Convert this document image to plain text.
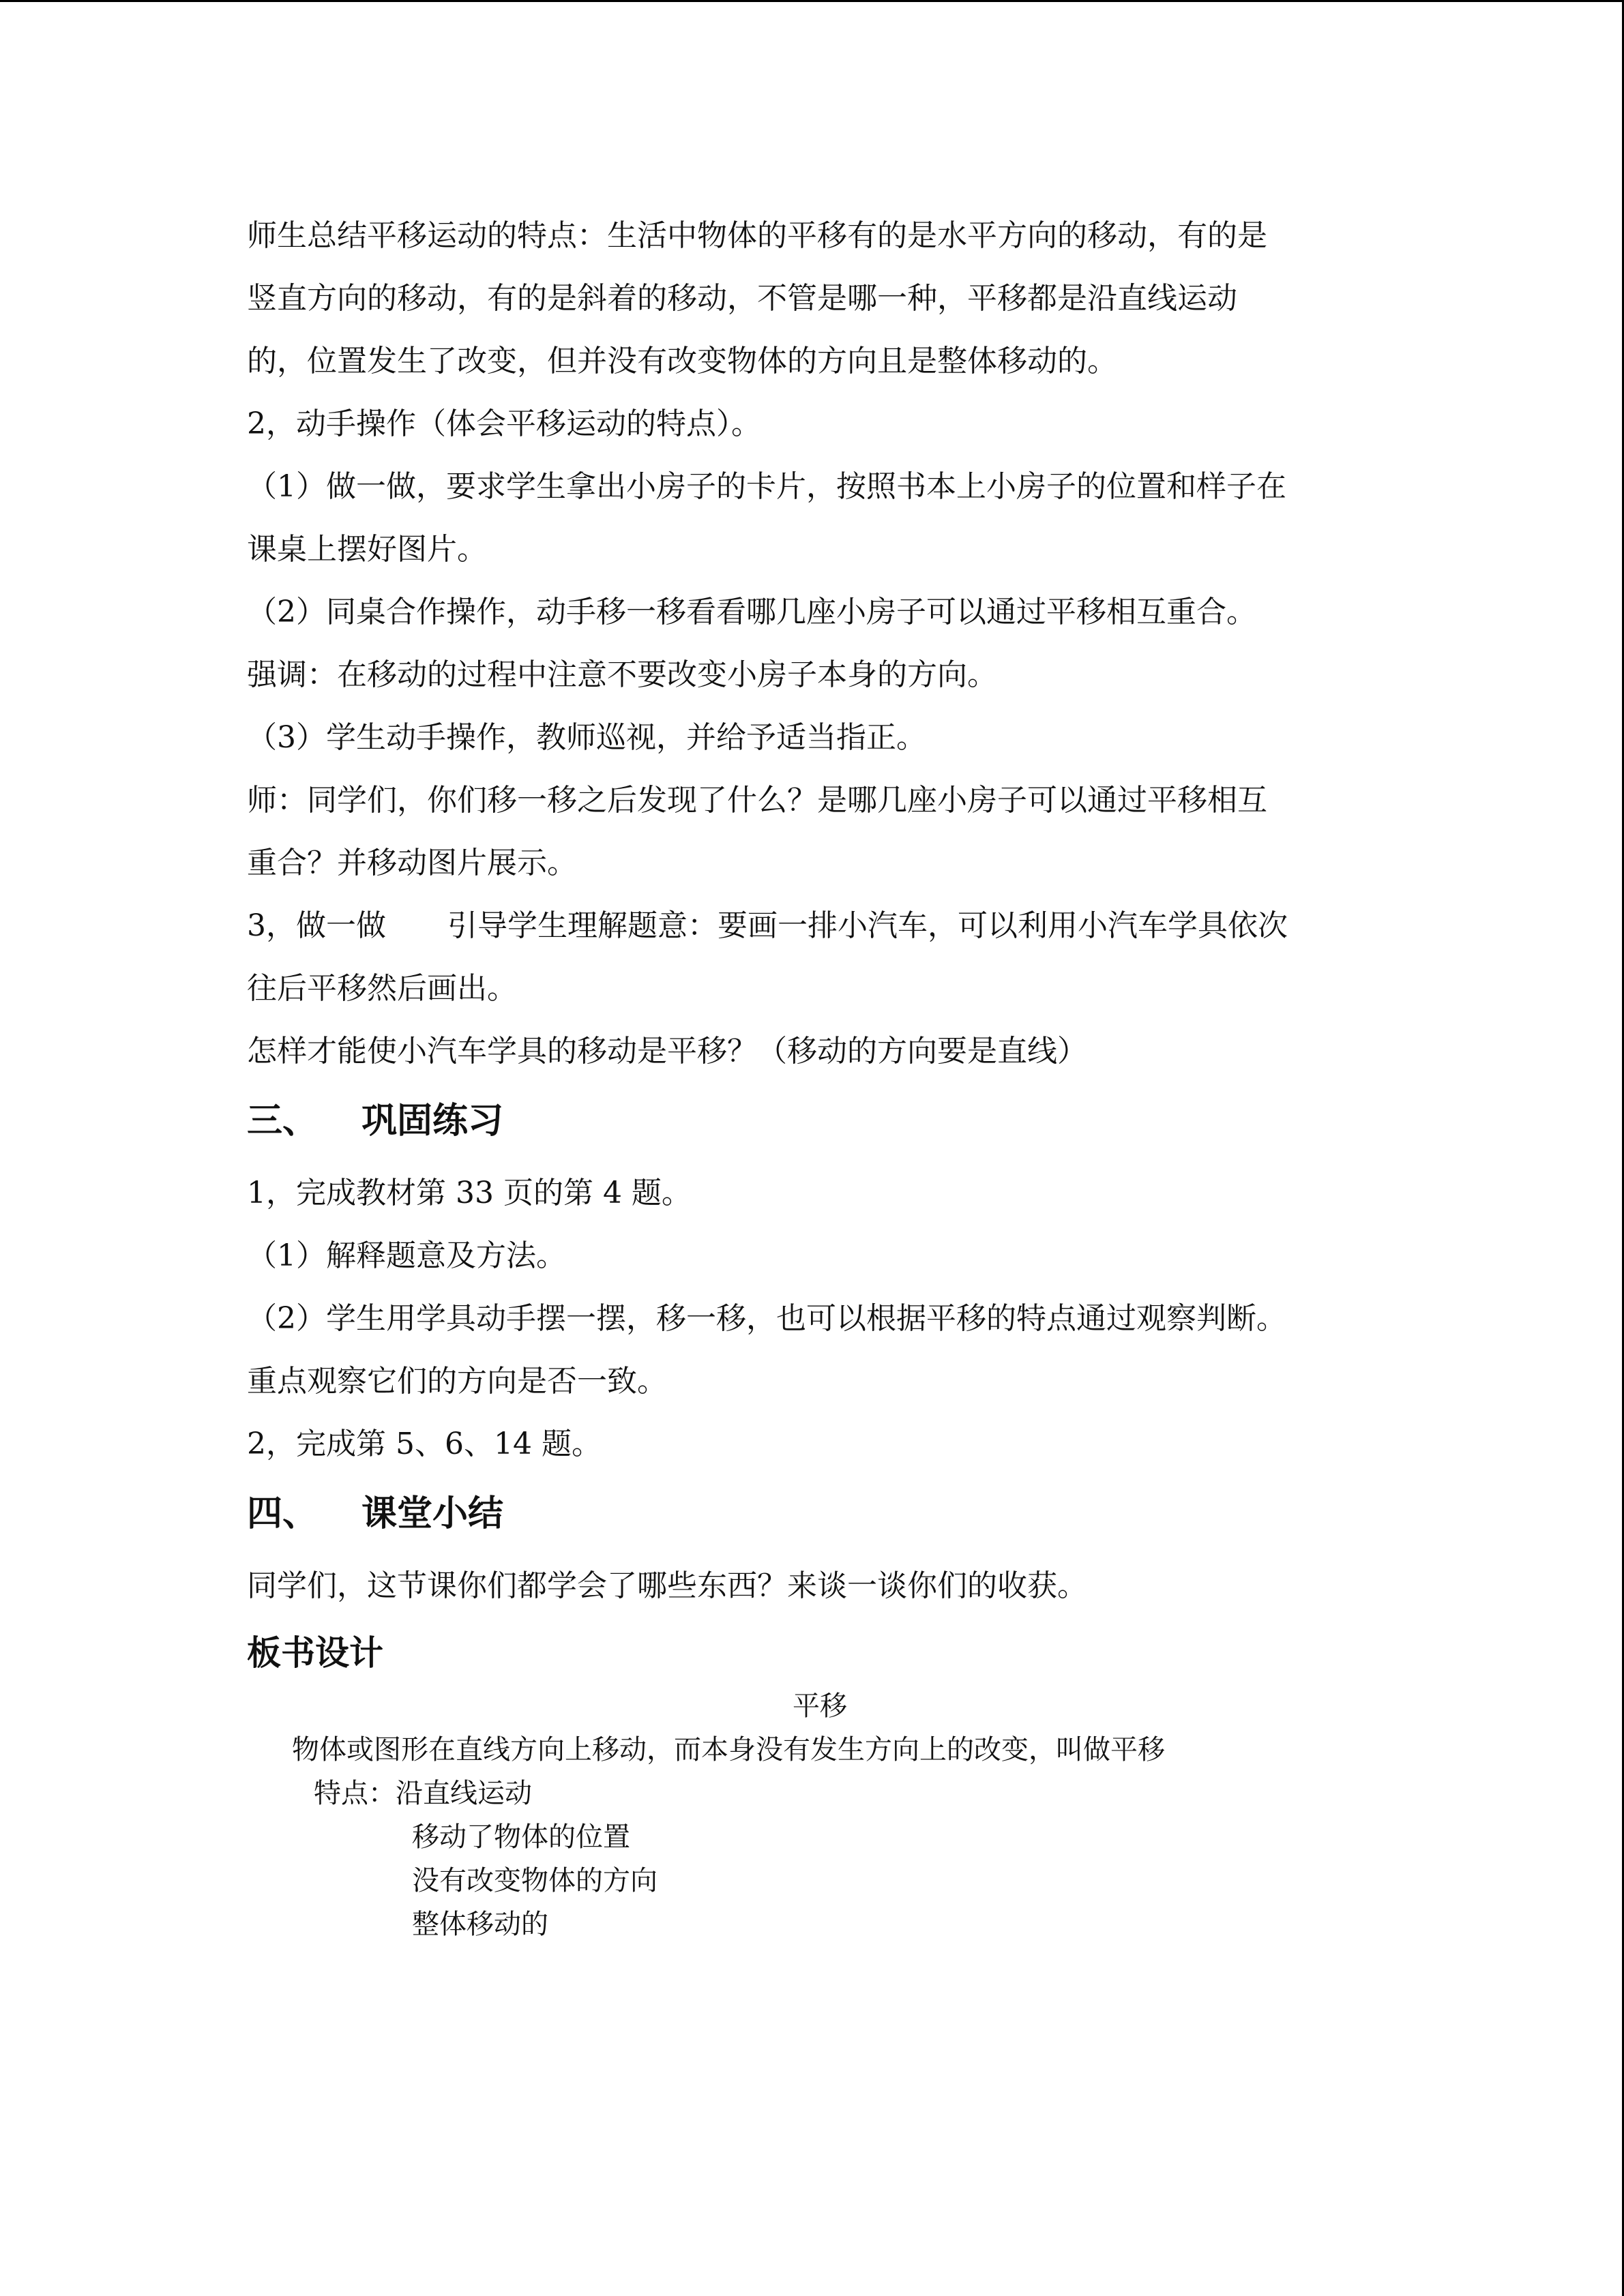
师生总结平移运动的特点：生活中物体的平移有的是水平方向的移动，有的是

竖直方向的移动，有的是斜着的移动，不管是哪一种，平移都是沿直线运动

的，位置发生了改变，但并没有改变物体的方向且是整体移动的。

2，动手操作（体会平移运动的特点）。

（1）做一做，要求学生拿出小房子的卡片，按照书本上小房子的位置和样子在

课桌上摆好图片。

（2）同桌合作操作，动手移一移看看哪几座小房子可以通过平移相互重合。

强调：在移动的过程中注意不要改变小房子本身的方向。

（3）学生动手操作，教师巡视，并给予适当指正。

师：同学们，你们移一移之后发现了什么？是哪几座小房子可以通过平移相互

重合？并移动图片展示。

3，做一做 引导学生理解题意：要画一排小汽车，可以利用小汽车学具依次

往后平移然后画出。

怎样才能使小汽车学具的移动是平移？（移动的方向要是直线）

三、 巩固练习

1，完成教材第 33 页的第 4 题。

（1）解释题意及方法。

（2）学生用学具动手摆一摆，移一移，也可以根据平移的特点通过观察判断。

重点观察它们的方向是否一致。

2，完成第 5、6、14 题。

四、 课堂小结

同学们，这节课你们都学会了哪些东西？来谈一谈你们的收获。

板书设计
平移
物体或图形在直线方向上移动，而本身没有发生方向上的改变，叫做平移
特点：沿直线运动
移动了物体的位置
没有改变物体的方向
整体移动的
